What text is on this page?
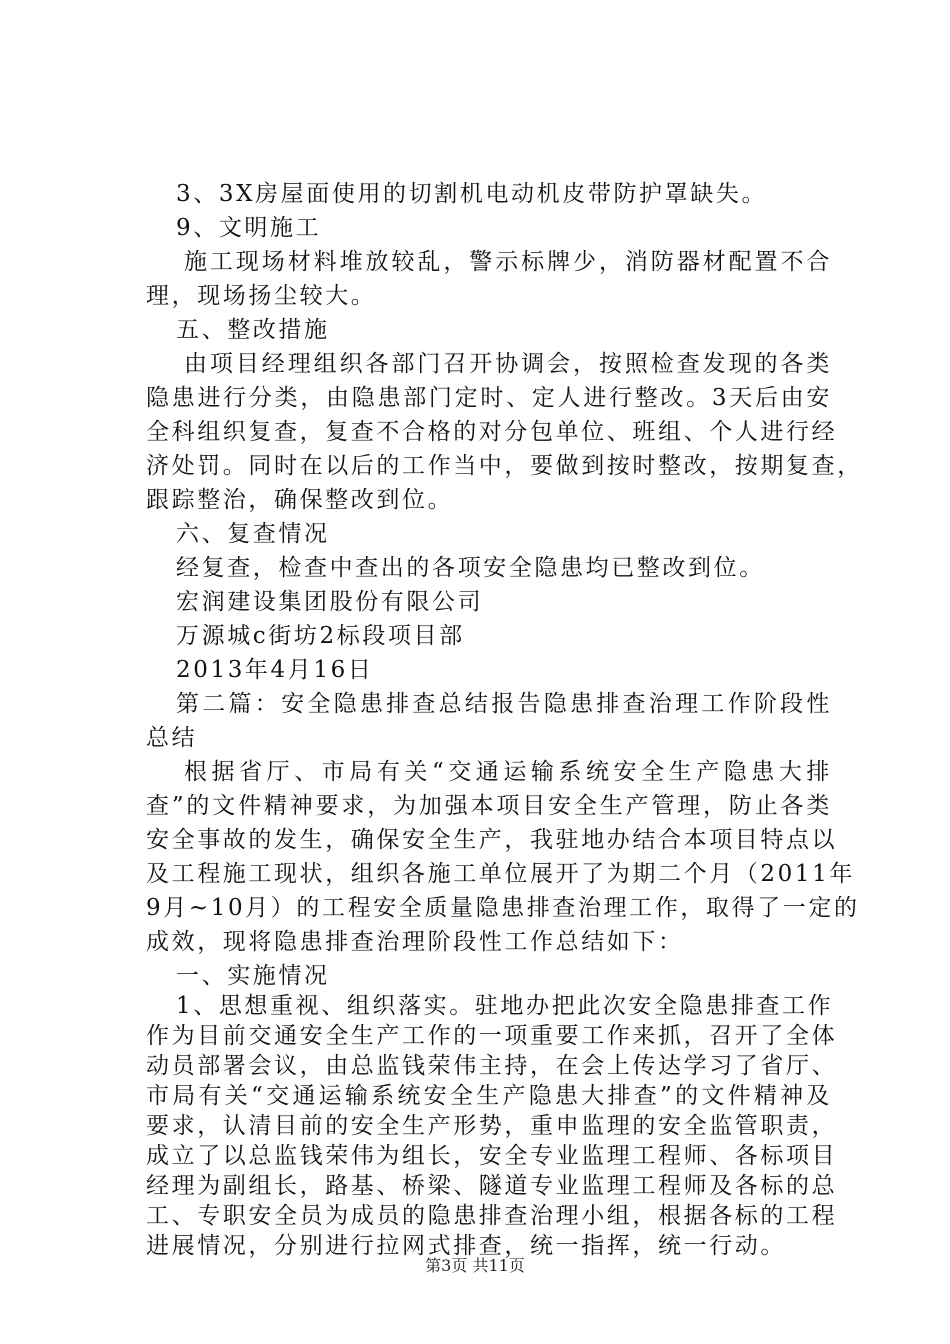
3、3X房屋面使用的切割机电动机皮带防护罩缺失。
9、文明施工
施工现场材料堆放较乱，警示标牌少，消防器材配置不合
理，现场扬尘较大。
五、整改措施
由项目经理组织各部门召开协调会，按照检查发现的各类
隐患进行分类，由隐患部门定时、定人进行整改。3天后由安
全科组织复查，复查不合格的对分包单位、班组、个人进行经
济处罚。同时在以后的工作当中，要做到按时整改，按期复查，
跟踪整治，确保整改到位。
六、复查情况
经复查，检查中查出的各项安全隐患均已整改到位。
宏润建设集团股份有限公司
万源城c街坊2标段项目部
2013年4月16日
第二篇：安全隐患排查总结报告隐患排查治理工作阶段性
总结
根据省厅、市局有关“交通运输系统安全生产隐患大排
查”的文件精神要求，为加强本项目安全生产管理，防止各类
安全事故的发生，确保安全生产，我驻地办结合本项目特点以
及工程施工现状，组织各施工单位展开了为期二个月（2011年
9月~10月）的工程安全质量隐患排查治理工作，取得了一定的
成效，现将隐患排查治理阶段性工作总结如下：
一、实施情况
1、思想重视、组织落实。驻地办把此次安全隐患排查工作
作为目前交通安全生产工作的一项重要工作来抓，召开了全体
动员部署会议，由总监钱荣伟主持，在会上传达学习了省厅、
市局有关“交通运输系统安全生产隐患大排查”的文件精神及
要求，认清目前的安全生产形势，重申监理的安全监管职责，
成立了以总监钱荣伟为组长，安全专业监理工程师、各标项目
经理为副组长，路基、桥梁、隧道专业监理工程师及各标的总
第3页 共11页
工、专职安全员为成员的隐患排查治理小组，根据各标的工程
进展情况，分别进行拉网式排查，统一指挥，统一行动。
